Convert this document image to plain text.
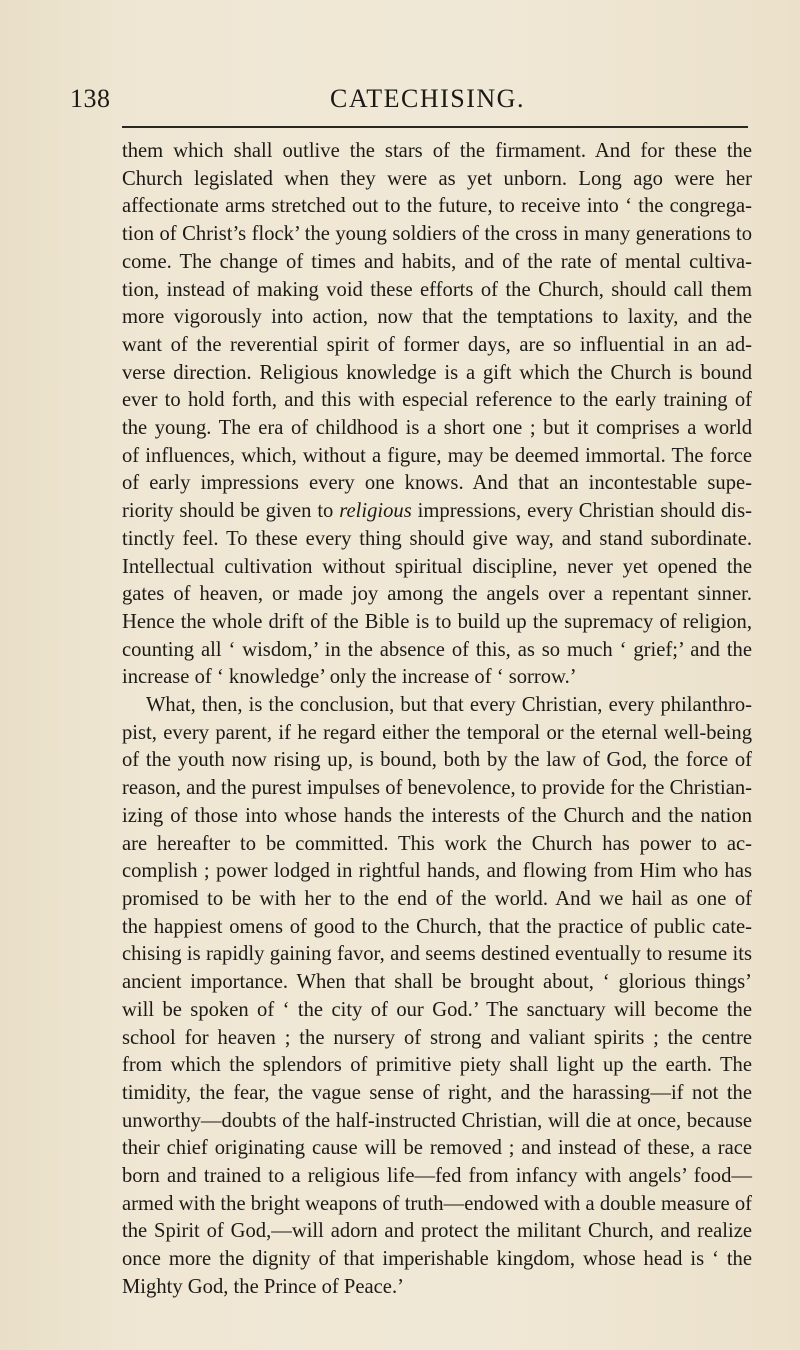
138	CATECHISING.
them which shall outlive the stars of the firmament. And for these the
Church legislated when they were as yet unborn. Long ago were her
affectionate arms stretched out to the future, to receive into ‘ the congrega-
tion of Christ’s flock’ the young soldiers of the cross in many generations to
come. The change of times and habits, and of the rate of mental cultiva-
tion, instead of making void these efforts of the Church, should call them
more vigorously into action, now that the temptations to laxity, and the
want of the reverential spirit of former days, are so influential in an ad-
verse direction. Religious knowledge is a gift which the Church is bound
ever to hold forth, and this with especial reference to the early training of
the young. The era of childhood is a short one ; but it comprises a world
of influences, which, without a figure, may be deemed immortal. The force
of early impressions every one knows. And that an incontestable supe-
riority should be given to religious impressions, every Christian should dis-
tinctly feel. To these every thing should give way, and stand subordinate.
Intellectual cultivation without spiritual discipline, never yet opened the
gates of heaven, or made joy among the angels over a repentant sinner.
Hence the whole drift of the Bible is to build up the supremacy of religion,
counting all ‘ wisdom,’ in the absence of this, as so much ‘ grief;’ and the
increase of ‘ knowledge’ only the increase of ‘ sorrow.’
What, then, is the conclusion, but that every Christian, every philanthro-
pist, every parent, if he regard either the temporal or the eternal well-being
of the youth now rising up, is bound, both by the law of God, the force of
reason, and the purest impulses of benevolence, to provide for the Christian-
izing of those into whose hands the interests of the Church and the nation
are hereafter to be committed. This work the Church has power to ac-
complish ; power lodged in rightful hands, and flowing from Him who has
promised to be with her to the end of the world. And we hail as one of
the happiest omens of good to the Church, that the practice of public cate-
chising is rapidly gaining favor, and seems destined eventually to resume its
ancient importance. When that shall be brought about, ‘ glorious things’
will be spoken of ‘ the city of our God.’ The sanctuary will become the
school for heaven ; the nursery of strong and valiant spirits ; the centre
from which the splendors of primitive piety shall light up the earth. The
timidity, the fear, the vague sense of right, and the harassing—if not the
unworthy—doubts of the half-instructed Christian, will die at once, because
their chief originating cause will be removed ; and instead of these, a race
born and trained to a religious life—fed from infancy with angels’ food—
armed with the bright weapons of truth—endowed with a double measure of
the Spirit of God,—will adorn and protect the militant Church, and realize
once more the dignity of that imperishable kingdom, whose head is ‘ the
Mighty God, the Prince of Peace.’
